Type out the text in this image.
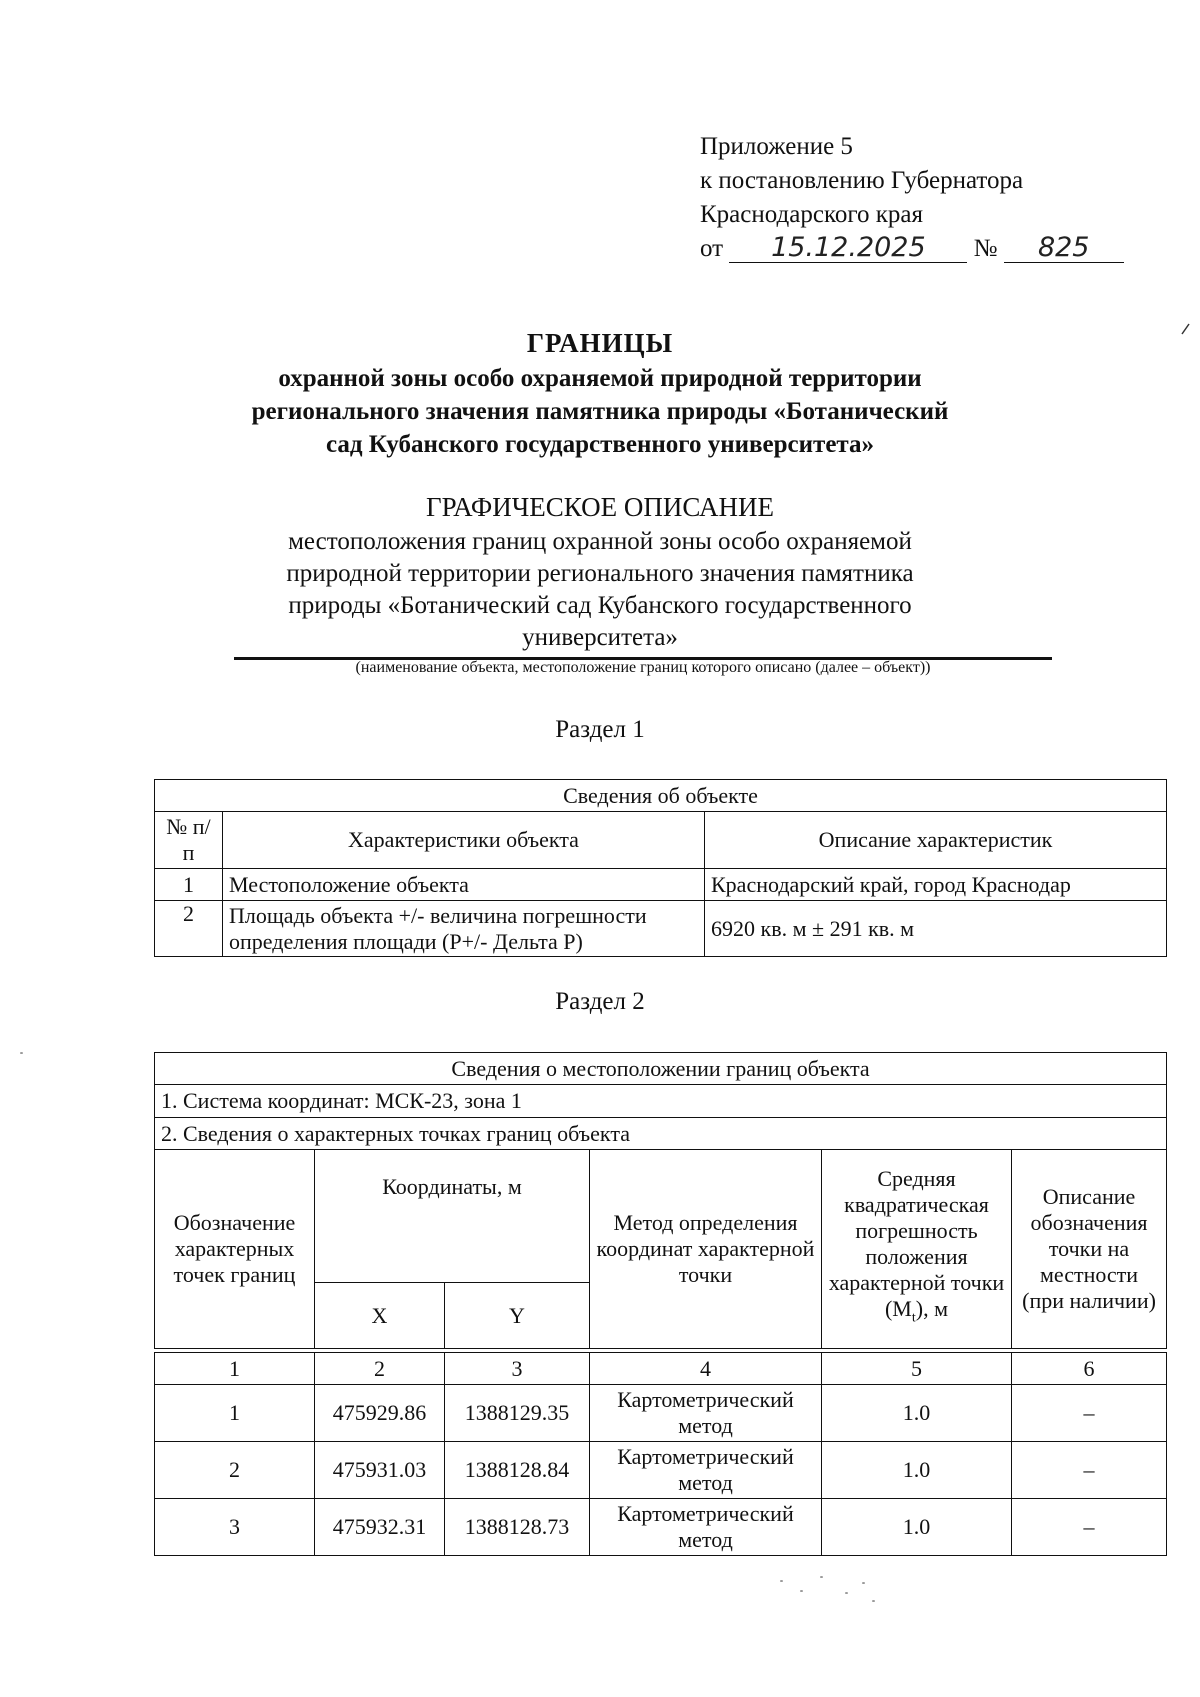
Приложение 5
к постановлению Губернатора
Краснодарского края
от 15.12.2025 № 825
ГРАНИЦЫ
охранной зоны особо охраняемой природной территории
регионального значения памятника природы «Ботанический
сад Кубанского государственного университета»
ГРАФИЧЕСКОЕ ОПИСАНИЕ
местоположения границ охранной зоны особо охраняемой
природной территории регионального значения памятника
природы «Ботанический сад Кубанского государственного
университета»
(наименование объекта, местоположение границ которого описано (далее – объект))
Раздел 1
Сведения об объекте		
№ п/п	Характеристики объекта	Описание характеристик
1	Местоположение объекта	Краснодарский край, город Краснодар
2	Площадь объекта +/- величина погрешности определения площади (P+/- Дельта P)	6920 кв. м ± 291 кв. м
Раздел 2
Сведения о местоположении границ объекта					
1. Система координат: МСК-23, зона 1					
2. Сведения о характерных точках границ объекта					
Обозначение характерных точек границ	Координаты, м		Метод определения координат характерной точки	Средняя квадратическая погрешность положения характерной точки $(M_t)$, м	Описание обозначения точки на местности (при наличии)
	X	Y			

1	2	3	4	5	6
1	475929.86	1388129.35	Картометрический метод	1.0	–
2	475931.03	1388128.84	Картометрический метод	1.0	–
3	475932.31	1388128.73	Картометрический метод	1.0	–
